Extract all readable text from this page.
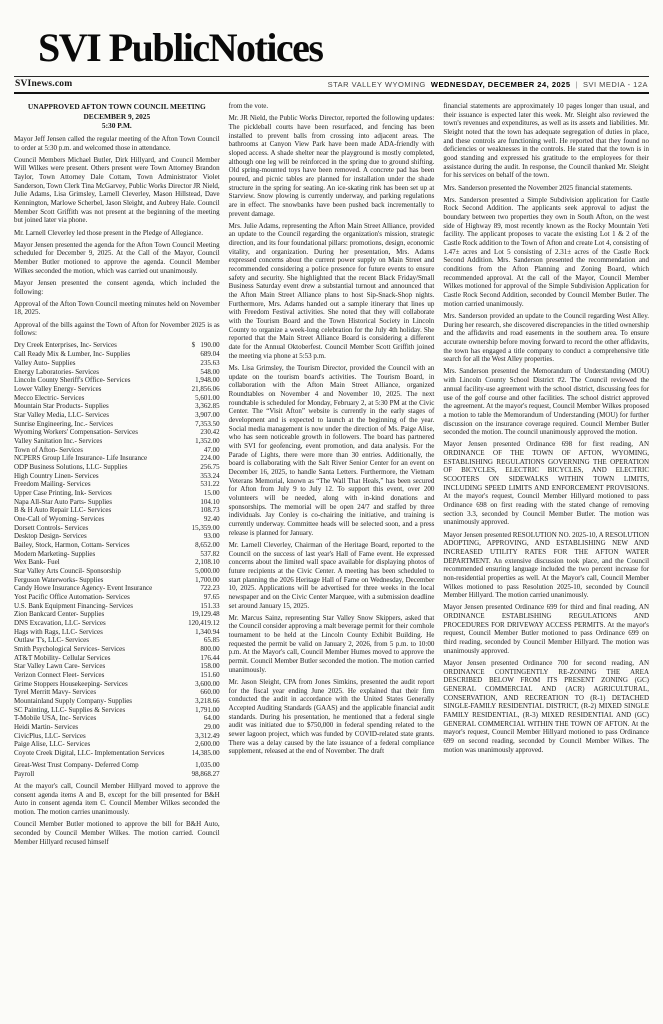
SVI PublicNotices
SVInews.com	STAR VALLEY WYOMING WEDNESDAY, DECEMBER 24, 2025 | SVI MEDIA - 12A
UNAPPROVED AFTON TOWN COUNCIL MEETING
DECEMBER 9, 2025
5:30 P.M.

Mayor Jeff Jensen called the regular meeting of the Afton Town Council to order at 5:30 p.m. and welcomed those in attendance.

Council Members Michael Butler, Dirk Hillyard, and Council Member Will Wilkes were present. Others present were Town Attorney Brandon Taylor, Town Attorney Dale Cottam, Town Administrator Violet Sanderson, Town Clerk Tina McGarvey, Public Works Director JR Nield, Julie Adams, Lisa Grimsley, Larnell Cleverley, Mason Hillstead, Dave Kennington, Marlowe Scherbel, Jason Sleight, and Aubrey Hale. Council Member Scott Griffith was not present at the beginning of the meeting but joined later via phone.

Mr. Larnell Cleverley led those present in the Pledge of Allegiance.

Mayor Jensen presented the agenda for the Afton Town Council Meeting scheduled for December 9, 2025. At the Call of the Mayor, Council Member Butler motioned to approve the agenda. Council Member Wilkes seconded the motion, which was carried out unanimously.

Mayor Jensen presented the consent agenda, which included the following:

Approval of the Afton Town Council meeting minutes held on November 18, 2025.

Approval of the bills against the Town of Afton for November 2025 is as follows:

Dry Creek Enterprises, Inc- Services	$   190.00
Call Ready Mix & Lumber, Inc- Supplies	689.04
Valley Auto- Supplies	235.63
Energy Laboratories- Services	548.00
Lincoln County Sheriff's Office- Services	1,948.00
Lower Valley Energy- Services	21,856.06
Mecco Electric- Services	5,601.00
Mountain Star Products- Supplies	3,362.85
Star Valley Media, LLC- Services	3,907.00
Sunrise Engineering, Inc.- Services	7,353.50
Wyoming Workers' Compensation- Services	230.42
Valley Sanitation Inc.- Services	1,352.00
Town of Afton- Services	47.00
NCPERS Group Life Insurance- Life Insurance	224.00
ODP Business Solutions, LLC- Supplies	256.75
High Country Linen- Services	353.24
Freedom Mailing- Services	531.22
Upper Case Printing, Ink- Services	15.00
Napa All-Star Auto Parts- Supplies	104.10
B & H Auto Repair LLC- Services	108.73
One-Call of Wyoming- Services	92.40
Dorsett Controls- Services	15,359.00
Desktop Design- Services	93.00
Bailey, Stock, Harmon, Cottam- Services	8,652.00
Modern Marketing- Supplies	537.82
Wex Bank- Fuel	2,108.10
Star Valley Arts Council- Sponsorship	5,000.00
Ferguson Waterworks- Supplies	1,700.00
Candy Howe Insurance Agency- Event Insurance	722.23
Yost Pacific Office Automation- Services	97.65
U.S. Bank Equipment Financing- Services	151.33
Zion Bankcard Center- Supplies	19,129.48
DNS Excavation, LLC- Services	120,419.12
Hags with Rags, LLC- Services	1,340.94
Outlaw T's, LLC- Services	65.85
Smith Psychological Services- Services	800.00
AT&T Mobility- Cellular Services	176.44
Star Valley Lawn Care- Services	158.00
Verizon Connect Fleet- Services	151.60
Grime Stoppers Housekeeping- Services	3,600.00
Tyrel Merritt Mavy- Services	660.00
Mountainland Supply Company- Supplies	3,218.66
SC Painting, LLC- Supplies & Services	1,791.00
T-Mobile USA, Inc- Services	64.00
Heidi Martin- Services	29.00
CivicPlus, LLC- Services	3,312.49
Paige Alise, LLC- Services	2,600.00
Coyote Creek Digital, LLC- Implementation Services	14,385.00
Great-West Trust Company- Deferred Comp	1,035.00
Payroll	98,868.27

At the mayor's call, Council Member Hillyard moved to approve the consent agenda items A and B, except for the bill presented for B&H Auto in consent agenda item C. Council Member Wilkes seconded the motion. The motion carries unanimously.

Council Member Butler motioned to approve the bill for B&H Auto, seconded by Council Member Wilkes. The motion carried. Council Member Hillyard recused himself

from the vote.

Mr. JR Nield, the Public Works Director, reported the following updates: The pickleball courts have been resurfaced, and fencing has been installed to prevent balls from crossing into adjacent areas. The bathrooms at Canyon View Park have been made ADA-friendly with sloped access. A shade shelter near the playground is mostly completed, although one leg will be reinforced in the spring due to ground shifting. Old spring-mounted toys have been removed. A concrete pad has been poured, and picnic tables are planned for installation under the shade structure in the spring for seating. An ice-skating rink has been set up at Starview. Snow plowing is currently underway, and parking regulations are in effect. The snowbanks have been pushed back incrementally to prevent damage.

Mrs. Julie Adams, representing the Afton Main Street Alliance, provided an update to the Council regarding the organization's mission, strategic direction, and its four foundational pillars: promotions, design, economic vitality, and organization. During her presentation, Mrs. Adams expressed concerns about the current power supply on Main Street and recommended considering a police presence for future events to ensure safety and security. She highlighted that the recent Black Friday/Small Business Saturday event drew a substantial turnout and announced that the Afton Main Street Alliance plans to host Sip-Snack-Shop nights. Furthermore, Mrs. Adams handed out a sample itinerary that lines up with Freedom Festival activities. She noted that they will collaborate with the Tourism Board and the Town Historical Society in Lincoln County to organize a week-long celebration for the July 4th holiday. She reported that the Main Street Alliance Board is considering a different date for the Annual Oktoberfest. Council Member Scott Griffith joined the meeting via phone at 5:53 p.m.

Ms. Lisa Grimsley, the Tourism Director, provided the Council with an update on the tourism board's activities. The Tourism Board, in collaboration with the Afton Main Street Alliance, organized Roundtables on November 4 and November 10, 2025. The next roundtable is scheduled for Monday, February 2, at 5:30 PM at the Civic Center. The “Visit Afton” website is currently in the early stages of development and is expected to launch at the beginning of the year. Social media management is now under the direction of Ms. Paige Alise, who has seen noticeable growth in followers. The board has partnered with SVI for geofencing, event promotion, and data analysis. For the Parade of Lights, there were more than 30 entries. Additionally, the board is collaborating with the Salt River Senior Center for an event on December 16, 2025, to handle Santa Letters. Furthermore, the Vietnam Veterans Memorial, known as “The Wall That Heals,” has been secured for Afton from July 9 to July 12. To support this event, over 200 volunteers will be needed, along with in-kind donations and sponsorships. The memorial will be open 24/7 and staffed by three individuals. Jay Conley is co-chairing the initiative, and training is currently underway. Committee heads will be selected soon, and a press release is planned for January.

Mr. Larnell Cleverley, Chairman of the Heritage Board, reported to the Council on the success of last year's Hall of Fame event. He expressed concerns about the limited wall space available for displaying photos of future recipients at the Civic Center. A meeting has been scheduled to start planning the 2026 Heritage Hall of Fame on Wednesday, December 10, 2025. Applications will be advertised for three weeks in the local newspaper and on the Civic Center Marquee, with a submission deadline set around January 15, 2025.

Mr. Marcus Sainz, representing Star Valley Snow Skippers, asked that the Council consider approving a malt beverage permit for their cornhole tournament to be held at the Lincoln County Exhibit Building. He requested the permit be valid on January 2, 2026, from 5 p.m. to 10:00 p.m. At the Mayor's call, Council Member Humes moved to approve the permit. Council Member Butler seconded the motion. The motion carried unanimously.

Mr. Jason Sleight, CPA from Jones Simkins, presented the audit report for the fiscal year ending June 2025. He explained that their firm conducted the audit in accordance with the United States Generally Accepted Auditing Standards (GAAS) and the applicable financial audit standards. During his presentation, he mentioned that a federal single audit was initiated due to $750,000 in federal spending related to the sewer lagoon project, which was funded by COVID-related state grants. There was a delay caused by the late issuance of a federal compliance supplement, released at the end of November. The draft

financial statements are approximately 10 pages longer than usual, and their issuance is expected later this week. Mr. Sleight also reviewed the town's revenues and expenditures, as well as its assets and liabilities. Mr. Sleight noted that the town has adequate segregation of duties in place, and these controls are functioning well. He reported that they found no deficiencies or weaknesses in the controls. He stated that the town is in good standing and expressed his gratitude to the employees for their assistance during the audit. In response, the Council thanked Mr. Sleight for his services on behalf of the town.

Mrs. Sanderson presented the November 2025 financial statements.

Mrs. Sanderson presented a Simple Subdivision application for Castle Rock Second Addition. The applicants seek approval to adjust the boundary between two properties they own in South Afton, on the west side of Highway 89, most recently known as the Rocky Mountain Yeti facility. The applicant proposes to vacate the existing Lot 1 & 2 of the Castle Rock addition to the Town of Afton and create Lot 4, consisting of 1.47± acres and Lot 5 consisting of 2.31± acres of the Castle Rock Second Addition. Mrs. Sanderson presented the recommendation and conditions from the Afton Planning and Zoning Board, which recommended approval. At the call of the Mayor, Council Member Wilkes motioned for approval of the Simple Subdivision Application for Castle Rock Second Addition, seconded by Council Member Butler. The motion carried unanimously.

Mrs. Sanderson provided an update to the Council regarding West Alley. During her research, she discovered discrepancies in the titled ownership and the affidavits and road easements in the southern area. To ensure accurate ownership before moving forward to record the other affidavits, the town has engaged a title company to conduct a comprehensive title search for all the West Alley properties.

Mrs. Sanderson presented the Memorandum of Understanding (MOU) with Lincoln County School District #2. The Council reviewed the annual facility-use agreement with the school district, discussing fees for use of the golf course and other facilities. The school district approved the agreement. At the mayor's request, Council Member Wilkes proposed a motion to table the Memorandum of Understanding (MOU) for further discussion on the insurance coverage required. Council Member Butler seconded the motion. The council unanimously approved the motion.

Mayor Jensen presented Ordinance 698 for first reading, AN ORDINANCE OF THE TOWN OF AFTON, WYOMING, ESTABLISHING REGULATIONS GOVERNING THE OPERATION OF BICYCLES, ELECTRIC BICYCLES, AND ELECTRIC SCOOTERS ON SIDEWALKS WITHIN TOWN LIMITS, INCLUDING SPEED LIMITS AND ENFORCEMENT PROVISIONS. At the mayor's request, Council Member Hillyard motioned to pass Ordinance 698 on first reading with the stated change of removing section 3.3, seconded by Council Member Butler. The motion was unanimously approved.

Mayor Jensen presented RESOLUTION NO. 2025-10, A RESOLUTION ADOPTING, APPROVING, AND ESTABLISHING NEW AND INCREASED UTILITY RATES FOR THE AFTON WATER DEPARTMENT. An extensive discussion took place, and the Council recommended ensuring language included the two percent increase for non-residential properties as well. At the Mayor's call, Council Member Wilkes motioned to pass Resolution 2025-10, seconded by Council Member Hillyard. The motion carried unanimously.

Mayor Jensen presented Ordinance 699 for third and final reading, AN ORDINANCE ESTABLISHING REGULATIONS AND PROCEDURES FOR DRIVEWAY ACCESS PERMITS. At the mayor's request, Council Member Butler motioned to pass Ordinance 699 on third reading, seconded by Council Member Hillyard. The motion was unanimously approved.

Mayor Jensen presented Ordinance 700 for second reading, AN ORDINANCE CONTINGENTLY RE-ZONING THE AREA DESCRIBED BELOW FROM ITS PRESENT ZONING (GC) GENERAL COMMERCIAL AND (ACR) AGRICULTURAL, CONSERVATION, AND RECREATION TO (R-1) DETACHED SINGLE-FAMILY RESIDENTIAL DISTRICT, (R-2) MIXED SINGLE FAMILY RESIDENTIAL, (R-3) MIXED RESIDENTIAL AND (GC) GENERAL COMMERCIAL WITHIN THE TOWN OF AFTON. At the mayor's request, Council Member Hillyard motioned to pass Ordinance 699 on second reading, seconded by Council Member Wilkes. The motion was unanimously approved.
